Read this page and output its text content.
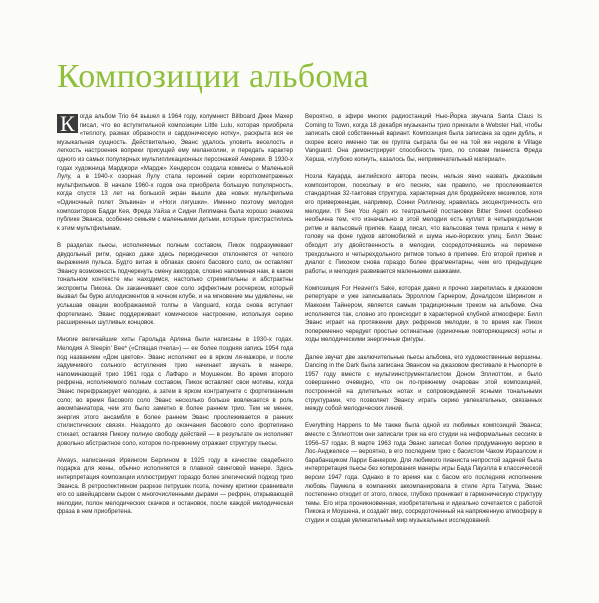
Композиции альбома

К огда альбом Trio 64 вышел в 1964 году, колумнист Billboard Джек Махер писал, что во вступительной композиции Little Lulu, которая приобрела «теплоту, размах образности и сардоническую нотку», раскрыта вся ее музыкальная сущность. Действительно, Эванс удалось уловить веселость и легкость настроения вопреки присущей ему меланхолии, и передать характер одного из самых популярных мультипликационных персонажей Америки. В 1930-х годах художница Марджори «Мардж» Хендерсон создала комиксы о Маленькой Лулу, а в 1940-х озорная Лулу стала героиней серии короткометражных мультфильмов. В начале 1960-х годов она приобрела большую популярность, когда спустя 13 лет на большой экран вышли два новых мультфильма «Одиночный полет Эльвина» и «Ноги лягушки». Именно поэтому мелодия композиторов Бадди Кея, Фреда Уайза и Сидни Липпмана была хорошо знакома публике Эванса, особенно семьям с маленькими детьми, которые пристрастились к этим мультфильмам.

В разделах пьесы, исполняемых полным составом, Пикок подразумевает двудольный ритм, однако даже здесь периодически отклоняется от четкого выражения пульса. Будто витая в облаках своего басового соло, он оставляет Эвансу возможность подчеркнуть смену аккордов, словно напоминая нам, в каком тональном контексте мы находимся, настолько стремительны и абстрактны экспромты Пикока. Он заканчивает свое соло эффектным росчерком, который вызвал бы бурю аплодисментов в ночном клубе, и на мгновение мы удивлены, не услышав овации воображаемой толпы в Vanguard, когда снова вступает фортепиано. Эванс поддерживает комическое настроение, используя серию расширенных шутливых концовок.

Многие величайшие хиты Гарольда Арлена были написаны в 1930-х годах. Мелодия A Sleepin' Bee* («Спящая пчела») — ее более поздняя запись 1954 года под названием «Дом цветов». Эванс исполняет ее в ярком ля-мажоре, и после задумчивого сольного вступления трио начинает звучать в манере, напоминающей трио 1961 года с ЛаФаро и Моушеном. Во время второго рефрена, исполняемого полным составом, Пикок вставляет свои мотивы, когда Эванс перефразирует мелодию, а затем в ярком контрапункте с фортепианным соло; во время басового соло Эванс несколько больше вовлекается в роль аккомпаниатора, чем это было заметно в более раннем трио. Тем не менее, энергия этого ансамбля в более раннем Эванс прослеживается в ранних стилистических связях. Незадолго до окончания басового соло фортепиано стихает, оставляя Пикоку полную свободу действий — в результате он исполняет довольно абстрактное соло, которое по-прежнему отражает структуру пьесы.

Always, написанная Ирвингом Берлином в 1925 году в качестве свадебного подарка для жены, обычно исполняется в плавной свинговой манере. Здесь интерпретация композиции иллюстрирует гораздо более элегический подход трио Эванса. В ретроспективном разрезе петрушек поэта, почему критики сравнивали его со швейцарским сыром с многочисленными дырами — рефрен, открывающей мелодии, полон мелодических скачков и остановок, после каждой мелодическая фраза в нем приобретена.

Вероятно, в эфире многих радиостанций Нью-Йорка звучала Santa Claus Is Coming to Town, когда 18 декабря музыканты трио приехали в Webster Hall, чтобы записать свой собственный вариант. Композиция была записана за один дубль, и скорее всего именно так ее группа сыграла бы ее на той же неделе в Village Vanguard. Она демонстрирует способность трио, по словам пианиста Фреда Херша, «глубоко копнуть, казалось бы, непримечательный материал».

Нозла Кауарда, английского автора песен, нельзя явно назвать джазовым композитором, поскольку в его песнях, как правило, не прослеживается стандартная 32-тактовая структура, характерная для бродвейских мюзиклов, хотя его приверженцам, например, Сонни Роллинзу, нравилась эксцентричность его мелодии. I'll See You Again из театральной постановки Bitter Sweet особенно необычна тем, что изначально в этой мелодии есть куплет в четырехдольном ритме и вальсовый припев. Каард писал, что вальсовая тема пришла к нему в голову на фоне гудков автомобилей и шума нью-йоркских улиц. Билл Эванс обходит эту двойственность в мелодии, сосредоточившись на перемене трехдольного и четырехдольного ритмов только в припеве. Его второй припев и диалог с Пикоком снова гораздо более фрагментарны, чем его предыдущие работы, и мелодия развивается маленькими шажками.

Композиция For Heaven's Sake, которая давно и прочно закрепилась в джазовом репертуаре и уже записывалась Эрроллом Гарнером, Доналдсом Ширингом и Маккоем Тайнером, является самым традиционным треком на альбоме. Она исполняется так, словно это происходит в характерной клубной атмосфере: Билл Эванс играет на протяжении двух рефренов мелодии, в то время как Пикок попеременно чередует простые остинатные (одиночные повторяющиеся) ноты и ходы мелодическими энергичные фигуры.

Далее звучат две заключительные пьесы альбома, его художественные вершины. Dancing in the Dark была записана Эвансом на джазовом фестивале в Ньюпорте в 1957 году вместе с мультиинструменталистом Доном Эллиоттом, и было совершенно очевидно, что он по-прежнему очарован этой композицией, построенной на длительных нотах и сопровождаемой ясными тональными структурами, что позволяет Эвансу играть серию увлекательных, связанных между собой мелодических линий.

Everything Happens to Me также была одной из любимых композиций Эванса; вместе с Эллиоттом они записали трек на его студии на неформальных сессиях в 1956–57 годах. В марте 1963 года Эванс записал более продуманную версию в Лос-Анджелесе — вероятно, в его последнем трио с басистом Чаком Израэлсом и барабанщиком Ларри Банкером. Для любимого пианиста непростой задачей была интерпретация пьесы без копирования манеры игры Бада Пауэлла в классической версии 1947 года. Однако в то время как с басом его последняя исполнение любовь Паумела в компаниях аккомпанировала в стиле Арта Татума, Эванс постепенно отходит от этого, плюсе, глубоко проникает в гармоническую структуру темы. Его игра проникновенная, изобретательна и идеально сочетается с работой Пикока и Моушена, и создаёт мир, сосредоточенный на напряженную атмосферу в студии и создав увлекательный мир музыкальных исследований.
